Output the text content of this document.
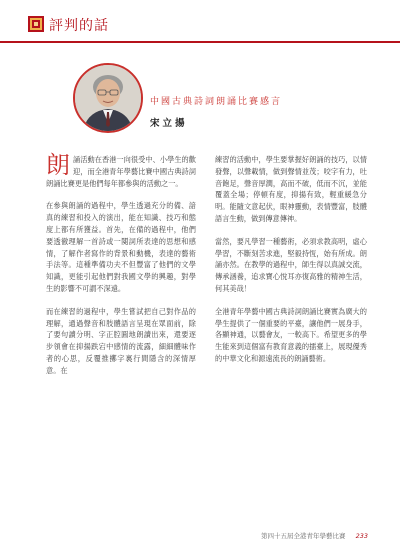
評判的話
中國古典詩詞朗誦比賽感言
宋立揚

朗誦活動在香港一向很受中、小學生的歡迎，而全港青年學藝比賽中國古典詩詞朗誦比賽更是他們每年都參與的活動之一。

在參與朗誦的過程中，學生透過充分的備、諳真的練習和投入的演出，能在知識、技巧和態度上都有所獲益。首先，在備的過程中，他們要透徹理解一首詩或一闋詞所表達的思想和感情，了解作者寫作的背景和動機，表達的藝術手法等。這種準備功夫不但豐富了他們的文學知識，更能引起他們對我國文學的興趣，對學生的影響不可謂不深遠。

而在練習的過程中，學生嘗試把自己對作品的理解，通過聲音和肢體語言呈現在眾面前，除了要句讀分明、字正腔圓地朗讀出來，還要逐步領會在抑揚跌宕中感情的流露，細細體味作者的心思，反覆推擲字裏行間隱含的深情厚意。在

練習的活動中，學生要掌握好朗誦的技巧，以情發聲，以聲載情，做到聲情並茂；咬字有力，吐音飽足，聲音厚潤，高而不破，低而不沉，並能覆蓋全場；停頓有度，抑揚有致，輕重緩急分明。能隨文意起伏，眼神靈動，表情豐富，肢體語言生動，做到傳意傳神。

當然，要凡學習一種藝術，必須求教高明，虛心學習，不斷刻苦求進，堅毅持恆，始有所成。朗誦亦然。在教學的過程中，師生得以真誠交流，傳承涵養，追求寶心悅耳亦復高雅的精神生活，何其美哉！

全港青年學藝中國古典詩詞朗誦比賽實為廣大的學生提供了一個重要的平臺，讓他們一展身手，各顯神通，以藝會友，一較高下。希望更多的學生能來到這個富有教育意義的擂臺上，展現優秀的中華文化和源遠流長的朗誦藝術。

第四十五屆全港青年學藝比賽 233
